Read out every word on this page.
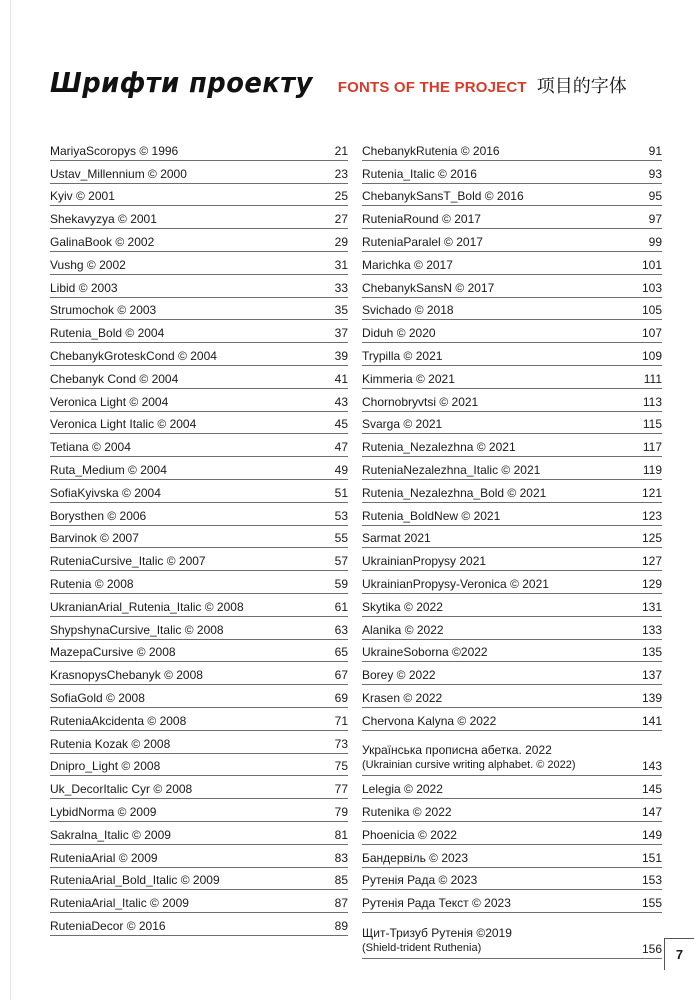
Шрифти проекту FONTS OF THE PROJECT 项目的字体
MariyaScoropys © 1996	21
Ustav_Millennium © 2000	23
Kyiv © 2001	25
Shekavyzya © 2001	27
GalinaBook © 2002	29
Vushg © 2002	31
Libid © 2003	33
Strumochok © 2003	35
Rutenia_Bold © 2004	37
ChebanykGroteskCond © 2004	39
Chebanyk Cond © 2004	41
Veronica Light © 2004	43
Veronica Light Italic © 2004	45
Tetiana © 2004	47
Ruta_Medium © 2004	49
SofiaKyivska © 2004	51
Borysthen © 2006	53
Barvinok © 2007	55
RuteniaCursive_Italic © 2007	57
Rutenia © 2008	59
UkranianArial_Rutenia_Italic © 2008	61
ShypshynaCursive_Italic © 2008	63
MazepaCursive © 2008	65
KrasnopysChebanyk © 2008	67
SofiaGold © 2008	69
RuteniaAkcidenta © 2008	71
Rutenia Kozak © 2008	73
Dnipro_Light © 2008	75
Uk_DecorItalic Cyr © 2008	77
LybidNorma © 2009	79
Sakralna_Italic © 2009	81
RuteniaArial © 2009	83
RuteniaArial_Bold_Italic © 2009	85
RuteniaArial_Italic © 2009	87
RuteniaDecor © 2016	89
ChebanykRutenia © 2016	91
Rutenia_Italic © 2016	93
ChebanykSansT_Bold © 2016	95
RuteniaRound © 2017	97
RuteniaParalel © 2017	99
Marichka © 2017	101
ChebanykSansN © 2017	103
Svichado © 2018	105
Diduh © 2020	107
Trypilla © 2021	109
Kimmeria © 2021	111
Chornobryvtsi © 2021	113
Svarga © 2021	115
Rutenia_Nezalezhna © 2021	117
RuteniaNezalezhna_Italic © 2021	119
Rutenia_Nezalezhna_Bold © 2021	121
Rutenia_BoldNew © 2021	123
Sarmat 2021	125
UkrainianPropysy 2021	127
UkrainianPropysy-Veronica © 2021	129
Skytika © 2022	131
Alanika © 2022	133
UkraineSoborna ©2022	135
Borey © 2022	137
Krasen © 2022	139
Chervona Kalyna © 2022	141
Українська прописна абетка. 2022
(Ukrainian cursive writing alphabet. © 2022)	143
Lelegia © 2022	145
Rutenika © 2022	147
Phoenicia © 2022	149
Бандервіль © 2023	151
Рутенія Рада © 2023	153
Рутенія Рада Текст © 2023	155
Щит-Тризуб Рутенія ©2019
(Shield-trident Ruthenia)	156	7
